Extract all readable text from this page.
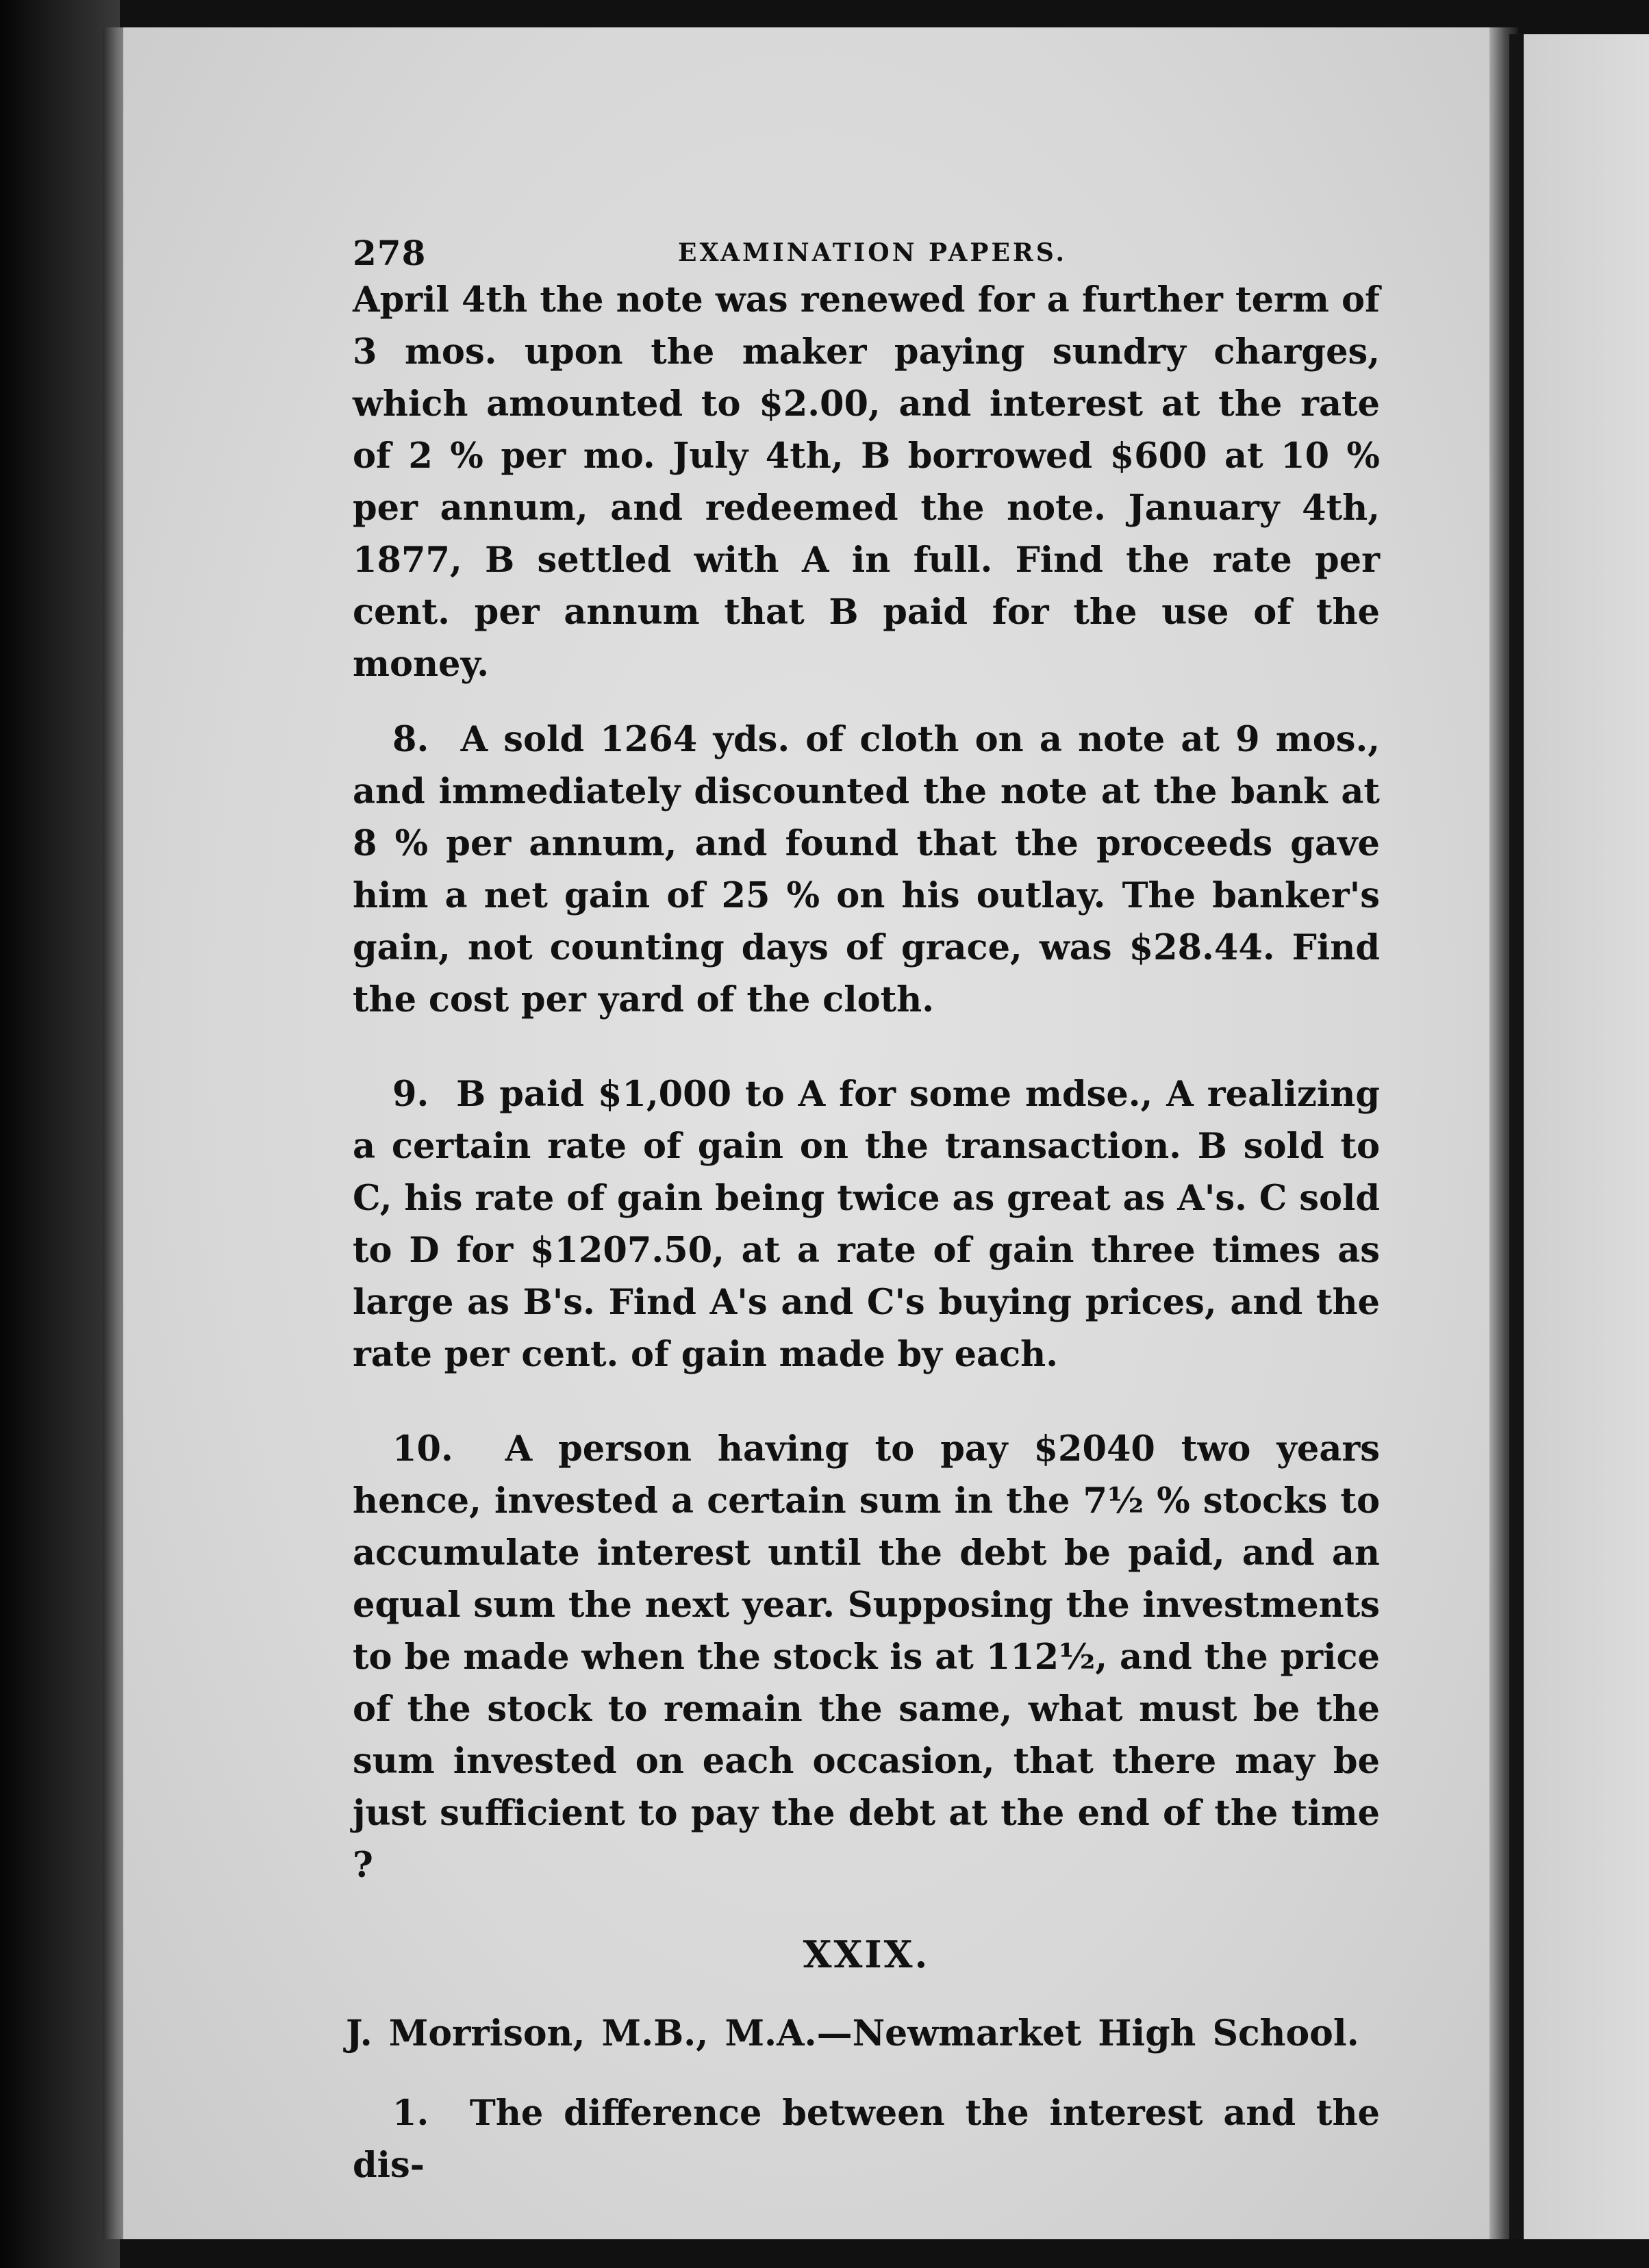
278	EXAMINATION PAPERS.

April 4th the note was renewed for a further term of 3 mos. upon the maker paying sundry charges, which amounted to $2.00, and interest at the rate of 2 % per mo. July 4th, B borrowed $600 at 10 % per annum, and redeemed the note. January 4th, 1877, B settled with A in full. Find the rate per cent. per annum that B paid for the use of the money.

8. A sold 1264 yds. of cloth on a note at 9 mos., and immediately discounted the note at the bank at 8 % per annum, and found that the proceeds gave him a net gain of 25 % on his outlay. The banker's gain, not counting days of grace, was $28.44. Find the cost per yard of the cloth.

9. B paid $1,000 to A for some mdse., A realizing a certain rate of gain on the transaction. B sold to C, his rate of gain being twice as great as A's. C sold to D for $1207.50, at a rate of gain three times as large as B's. Find A's and C's buying prices, and the rate per cent. of gain made by each.

10. A person having to pay $2040 two years hence, invested a certain sum in the 7½ % stocks to accumulate interest until the debt be paid, and an equal sum the next year. Supposing the investments to be made when the stock is at 112½, and the price of the stock to remain the same, what must be the sum invested on each occasion, that there may be just sufficient to pay the debt at the end of the time ?

XXIX.
J. Morrison, M.B., M.A.—Newmarket High School.

1. The difference between the interest and the dis-
